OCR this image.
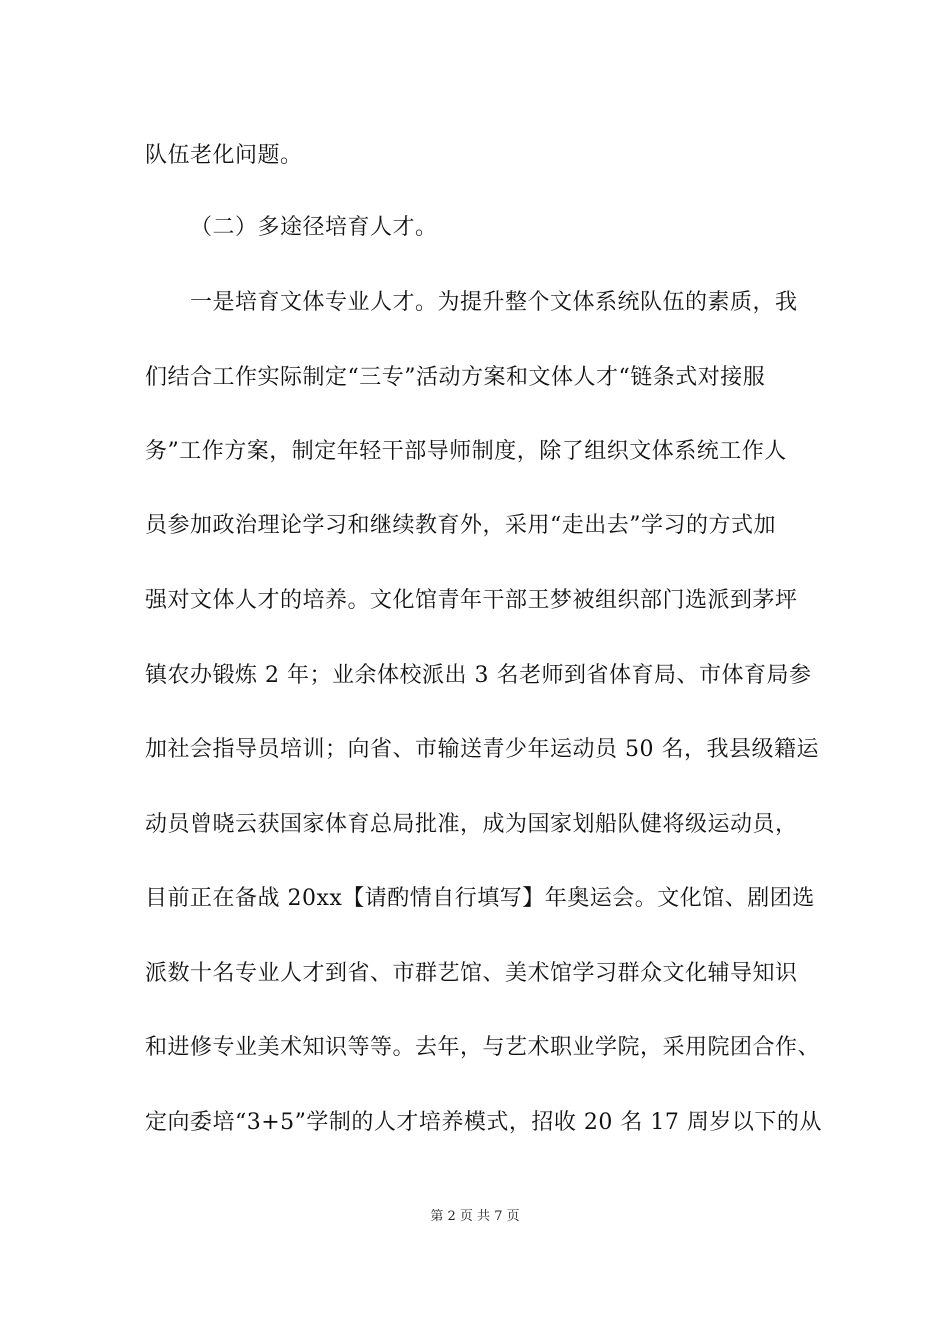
队伍老化问题。
（二）多途径培育人才。
一是培育文体专业人才。为提升整个文体系统队伍的素质，我
们结合工作实际制定“三专”活动方案和文体人才“链条式对接服
务”工作方案，制定年轻干部导师制度，除了组织文体系统工作人
员参加政治理论学习和继续教育外，采用“走出去”学习的方式加
强对文体人才的培养。文化馆青年干部王梦被组织部门选派到茅坪
镇农办锻炼 2 年；业余体校派出 3 名老师到省体育局、市体育局参
加社会指导员培训；向省、市输送青少年运动员 50 名，我县级籍运
动员曾晓云获国家体育总局批准，成为国家划船队健将级运动员，
目前正在备战 20xx【请酌情自行填写】年奥运会。文化馆、剧团选
派数十名专业人才到省、市群艺馆、美术馆学习群众文化辅导知识
和进修专业美术知识等等。去年，与艺术职业学院，采用院团合作、
定向委培“3+5”学制的人才培养模式，招收 20 名 17 周岁以下的从
第 2 页 共 7 页
